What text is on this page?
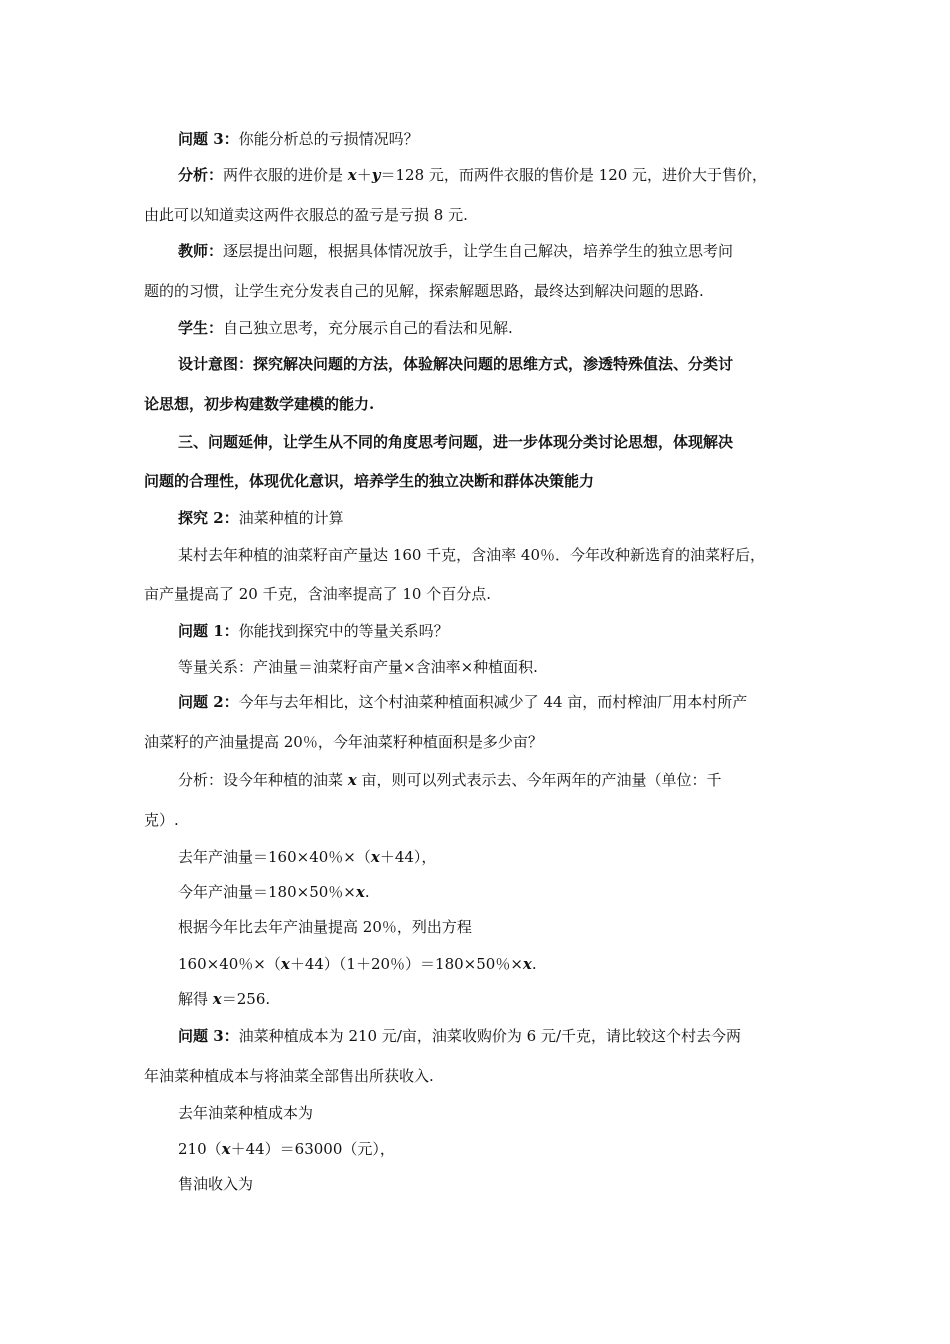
问题 3：你能分析总的亏损情况吗？
分析：两件衣服的进价是 x＋y＝128 元，而两件衣服的售价是 120 元，进价大于售价，
由此可以知道卖这两件衣服总的盈亏是亏损 8 元.
教师：逐层提出问题，根据具体情况放手，让学生自己解决，培养学生的独立思考问
题的的习惯，让学生充分发表自己的见解，探索解题思路，最终达到解决问题的思路.
学生：自己独立思考，充分展示自己的看法和见解.
设计意图：探究解决问题的方法，体验解决问题的思维方式，渗透特殊值法、分类讨
论思想，初步构建数学建模的能力.
三、问题延伸，让学生从不同的角度思考问题，进一步体现分类讨论思想，体现解决
问题的合理性，体现优化意识，培养学生的独立决断和群体决策能力
探究 2：油菜种植的计算
某村去年种植的油菜籽亩产量达 160 千克，含油率 40％．今年改种新选育的油菜籽后，
亩产量提高了 20 千克，含油率提高了 10 个百分点.
问题 1：你能找到探究中的等量关系吗？
等量关系：产油量＝油菜籽亩产量×含油率×种植面积.
问题 2：今年与去年相比，这个村油菜种植面积减少了 44 亩，而村榨油厂用本村所产
油菜籽的产油量提高 20％，今年油菜籽种植面积是多少亩？
分析：设今年种植的油菜 x 亩，则可以列式表示去、今年两年的产油量（单位：千
克）.
去年产油量＝160×40％×（x＋44），
今年产油量＝180×50％×x.
根据今年比去年产油量提高 20％，列出方程
160×40％×（x＋44）（1＋20％）＝180×50％×x.
解得 x＝256.
问题 3：油菜种植成本为 210 元/亩，油菜收购价为 6 元/千克，请比较这个村去今两
年油菜种植成本与将油菜全部售出所获收入.
去年油菜种植成本为
210（x＋44）＝63000（元），
售油收入为
